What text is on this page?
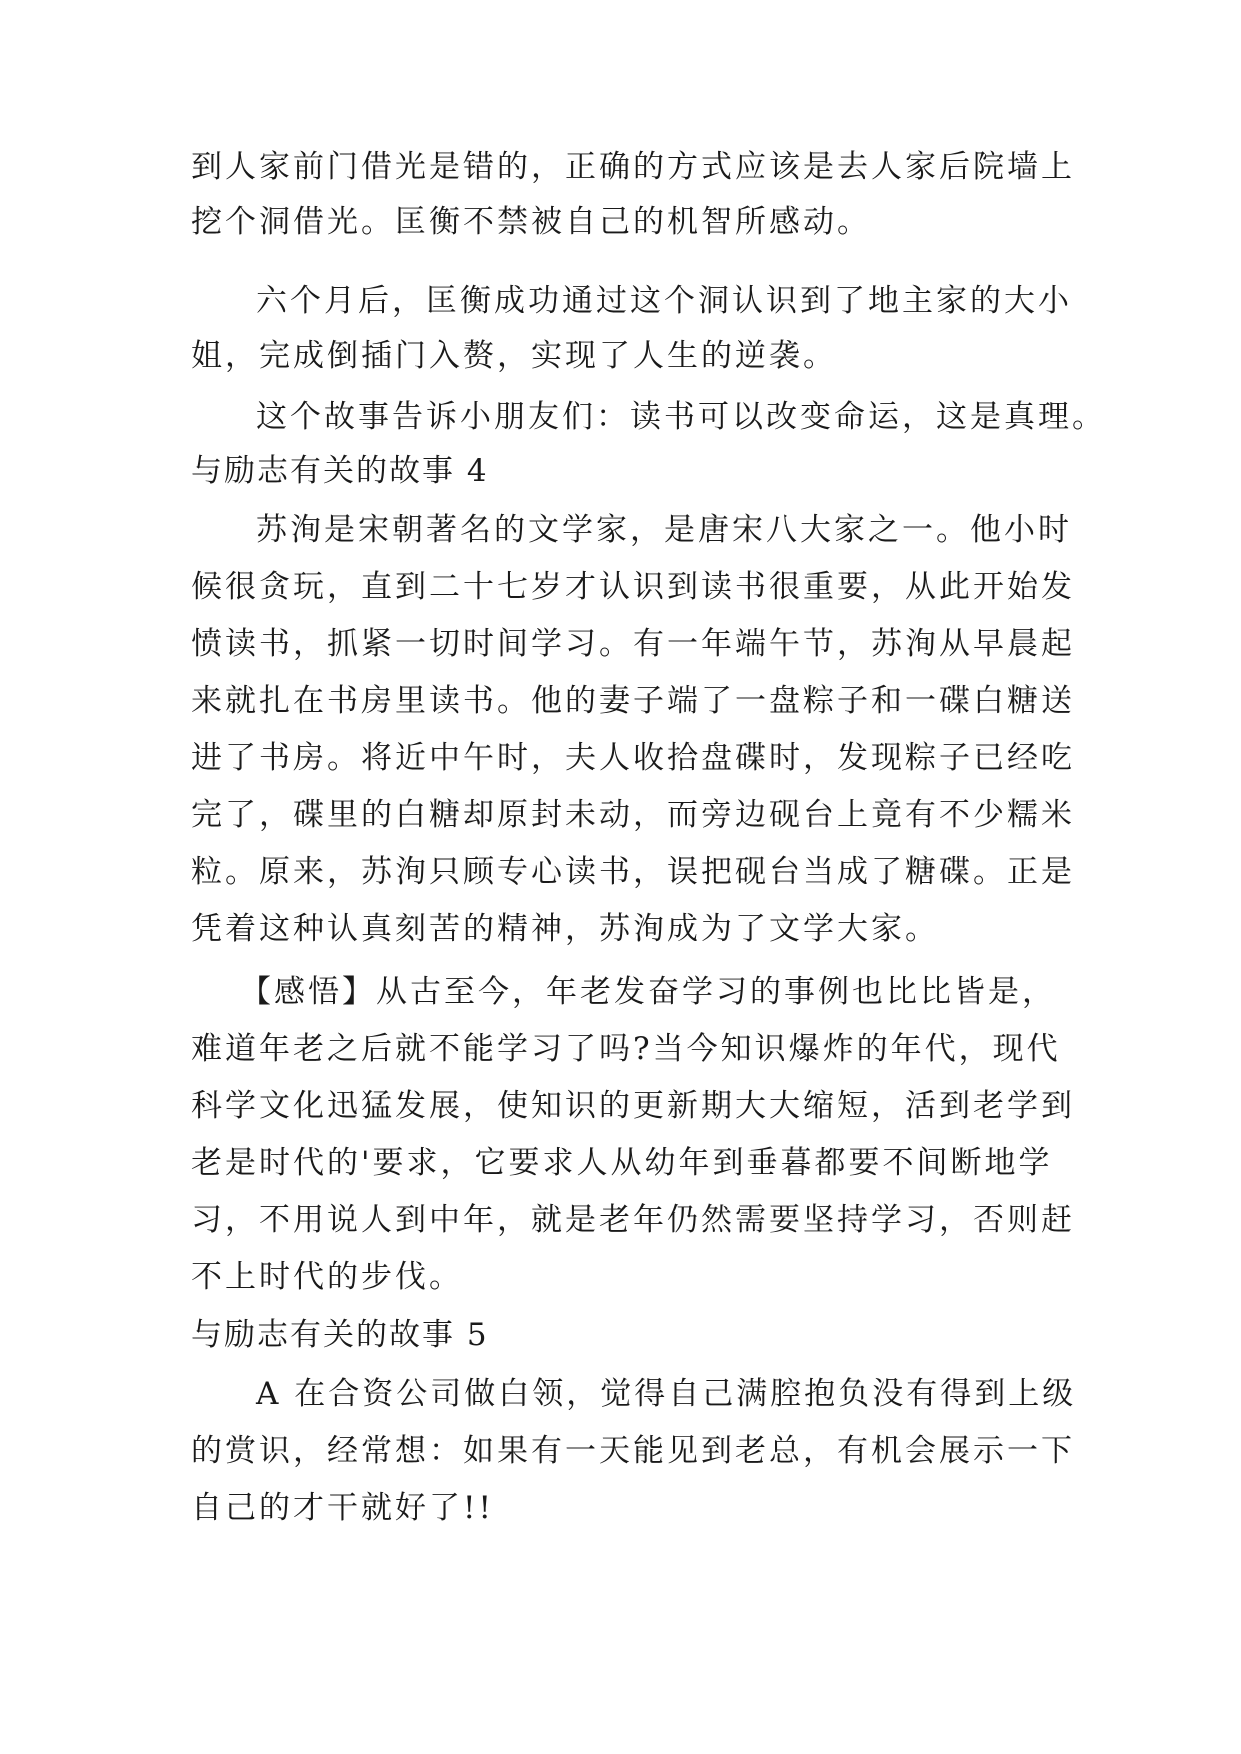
到人家前门借光是错的，正确的方式应该是去人家后院墙上

挖个洞借光。匡衡不禁被自己的机智所感动。

六个月后，匡衡成功通过这个洞认识到了地主家的大小

姐，完成倒插门入赘，实现了人生的逆袭。

这个故事告诉小朋友们：读书可以改变命运，这是真理。

与励志有关的故事 4

苏洵是宋朝著名的文学家，是唐宋八大家之一。他小时

候很贪玩，直到二十七岁才认识到读书很重要，从此开始发

愤读书，抓紧一切时间学习。有一年端午节，苏洵从早晨起

来就扎在书房里读书。他的妻子端了一盘粽子和一碟白糖送

进了书房。将近中午时，夫人收拾盘碟时，发现粽子已经吃

完了，碟里的白糖却原封未动，而旁边砚台上竟有不少糯米

粒。原来，苏洵只顾专心读书，误把砚台当成了糖碟。正是

凭着这种认真刻苦的精神，苏洵成为了文学大家。

【感悟】从古至今，年老发奋学习的事例也比比皆是，

难道年老之后就不能学习了吗?当今知识爆炸的年代，现代

科学文化迅猛发展，使知识的更新期大大缩短，活到老学到

老是时代的'要求，它要求人从幼年到垂暮都要不间断地学

习，不用说人到中年，就是老年仍然需要坚持学习，否则赶

不上时代的步伐。

与励志有关的故事 5

A 在合资公司做白领，觉得自己满腔抱负没有得到上级

的赏识，经常想：如果有一天能见到老总，有机会展示一下

自己的才干就好了!!
